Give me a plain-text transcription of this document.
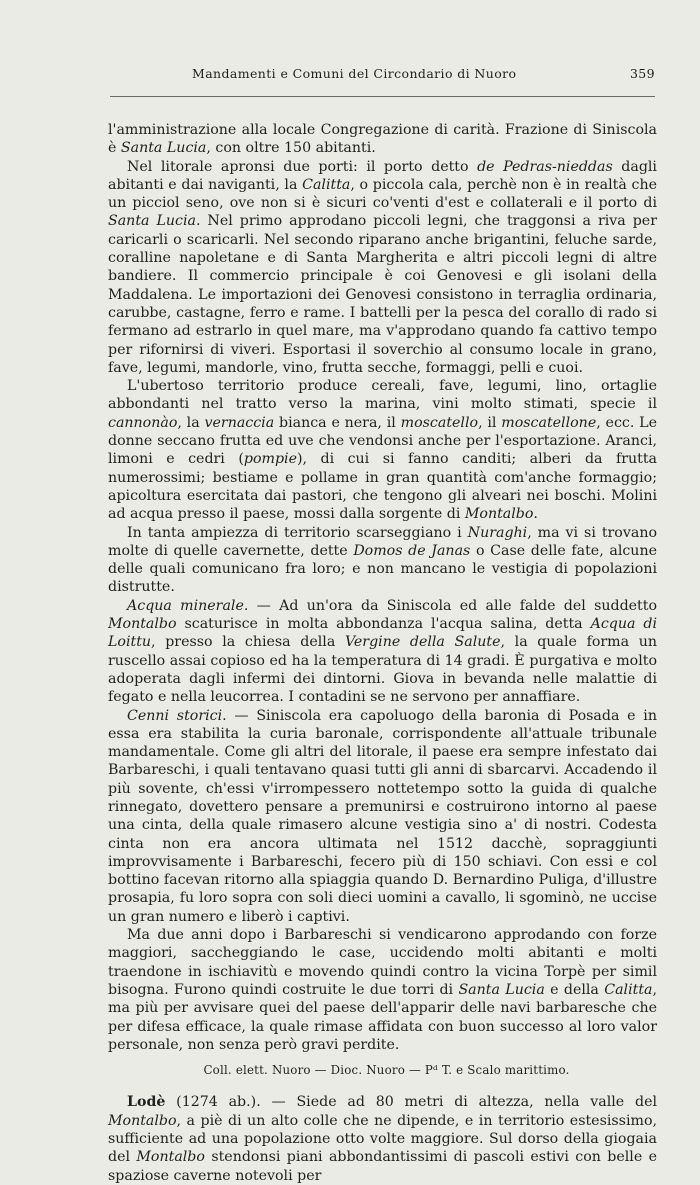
Mandamenti e Comuni del Circondario di Nuoro	359

l'amministrazione alla locale Congregazione di carità. Frazione di Siniscola è Santa Lucia, con oltre 150 abitanti.

Nel litorale apronsi due porti: il porto detto de Pedras-nieddas dagli abitanti e dai naviganti, la Calitta, o piccola cala, perchè non è in realtà che un picciol seno, ove non si è sicuri co'venti d'est e collaterali e il porto di Santa Lucia. Nel primo approdano piccoli legni, che traggonsi a riva per caricarli o scaricarli. Nel secondo riparano anche brigantini, feluche sarde, coralline napoletane e di Santa Margherita e altri piccoli legni di altre bandiere. Il commercio principale è coi Genovesi e gli isolani della Maddalena. Le importazioni dei Genovesi consistono in terraglia ordinaria, carubbe, castagne, ferro e rame. I battelli per la pesca del corallo di rado si fermano ad estrarlo in quel mare, ma v'approdano quando fa cattivo tempo per rifornirsi di viveri. Esportasi il soverchio al consumo locale in grano, fave, legumi, mandorle, vino, frutta secche, formaggi, pelli e cuoi.

L'ubertoso territorio produce cereali, fave, legumi, lino, ortaglie abbondanti nel tratto verso la marina, vini molto stimati, specie il cannonào, la vernaccia bianca e nera, il moscatello, il moscatellone, ecc. Le donne seccano frutta ed uve che vendonsi anche per l'esportazione. Aranci, limoni e cedri (pompie), di cui si fanno canditi; alberi da frutta numerossimi; bestiame e pollame in gran quantità com'anche formaggio; apicoltura esercitata dai pastori, che tengono gli alveari nei boschi. Molini ad acqua presso il paese, mossi dalla sorgente di Montalbo.

In tanta ampiezza di territorio scarseggiano i Nuraghi, ma vi si trovano molte di quelle cavernette, dette Domos de Janas o Case delle fate, alcune delle quali comunicano fra loro; e non mancano le vestigia di popolazioni distrutte.

Acqua minerale. — Ad un'ora da Siniscola ed alle falde del suddetto Montalbo scaturisce in molta abbondanza l'acqua salina, detta Acqua di Loittu, presso la chiesa della Vergine della Salute, la quale forma un ruscello assai copioso ed ha la temperatura di 14 gradi. È purgativa e molto adoperata dagli infermi dei dintorni. Giova in bevanda nelle malattie di fegato e nella leucorrea. I contadini se ne servono per annaffiare.

Cenni storici. — Siniscola era capoluogo della baronia di Posada e in essa era stabilita la curia baronale, corrispondente all'attuale tribunale mandamentale. Come gli altri del litorale, il paese era sempre infestato dai Barbareschi, i quali tentavano quasi tutti gli anni di sbarcarvi. Accadendo il più sovente, ch'essi v'irrompessero nottetempo sotto la guida di qualche rinnegato, dovettero pensare a premunirsi e costruirono intorno al paese una cinta, della quale rimasero alcune vestigia sino a' di nostri. Codesta cinta non era ancora ultimata nel 1512 dacchè, sopraggiunti improvvisamente i Barbareschi, fecero più di 150 schiavi. Con essi e col bottino facevan ritorno alla spiaggia quando D. Bernardino Puliga, d'illustre prosapia, fu loro sopra con soli dieci uomini a cavallo, li sgominò, ne uccise un gran numero e liberò i captivi.

Ma due anni dopo i Barbareschi si vendicarono approdando con forze maggiori, saccheggiando le case, uccidendo molti abitanti e molti traendone in ischiavitù e movendo quindi contro la vicina Torpè per simil bisogna. Furono quindi costruite le due torri di Santa Lucia e della Calitta, ma più per avvisare quei del paese dell'apparir delle navi barbaresche che per difesa efficace, la quale rimase affidata con buon successo al loro valor personale, non senza però gravi perdite.

Coll. elett. Nuoro — Dioc. Nuoro — Pᵈ T. e Scalo marittimo.

Lodè (1274 ab.). — Siede ad 80 metri di altezza, nella valle del Montalbo, a piè di un alto colle che ne dipende, e in territorio estesissimo, sufficiente ad una popolazione otto volte maggiore. Sul dorso della giogaia del Montalbo stendonsi piani abbondantissimi di pascoli estivi con belle e spaziose caverne notevoli per
